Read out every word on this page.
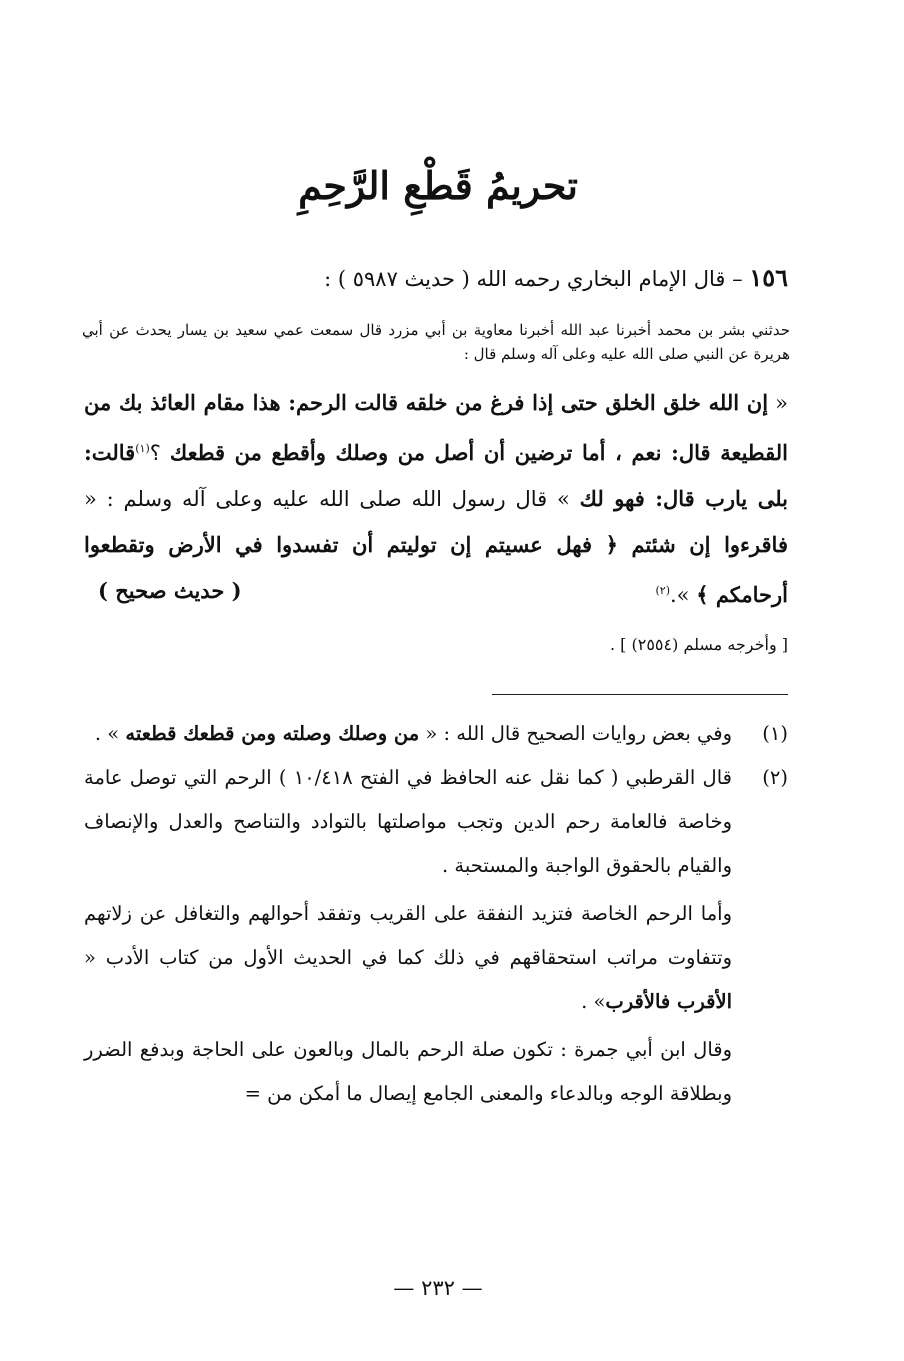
تحريمُ قَطْعِ الرَّحِمِ
١٥٦ – قال الإمام البخاري رحمه الله ( حديث ٥٩٨٧ ) :
حدثني بشر بن محمد أخبرنا عبد الله أخبرنا معاوية بن أبي مزرد قال سمعت عمي سعيد بن يسار يحدث عن أبي هريرة عن النبي صلى الله عليه وعلى آله وسلم قال :
« إن الله خلق الخلق حتى إذا فرغ من خلقه قالت الرحم: هذا مقام العائذ بك من القطيعة قال: نعم ، أما ترضين أن أصل من وصلك وأقطع من قطعك ؟$^{(١)}$قالت: بلى يارب قال: فهو لك » قال رسول الله صلى الله عليه وعلى آله وسلم : « فاقرءوا إن شئتم ﴿ فهل عسيتم إن توليتم أن تفسدوا في الأرض وتقطعوا أرحامكم ﴾ ».$^{(٢)}$
( حديث صحيح )
[ وأخرجه مسلم (٢٥٥٤) ] .
(١)
وفي بعض روايات الصحيح قال الله : « من وصلك وصلته ومن قطعك قطعته » .
(٢)
قال القرطبي ( كما نقل عنه الحافظ في الفتح ١٠/٤١٨ ) الرحم التي توصل عامة وخاصة فالعامة رحم الدين وتجب مواصلتها بالتوادد والتناصح والعدل والإنصاف والقيام بالحقوق الواجبة والمستحبة .
وأما الرحم الخاصة فتزيد النفقة على القريب وتفقد أحوالهم والتغافل عن زلاتهم وتتفاوت مراتب استحقاقهم في ذلك كما في الحديث الأول من كتاب الأدب « الأقرب فالأقرب» .
وقال ابن أبي جمرة : تكون صلة الرحم بالمال وبالعون على الحاجة وبدفع الضرر وبطلاقة الوجه وبالدعاء والمعنى الجامع إيصال ما أمكن من =
— ٢٣٢ —
